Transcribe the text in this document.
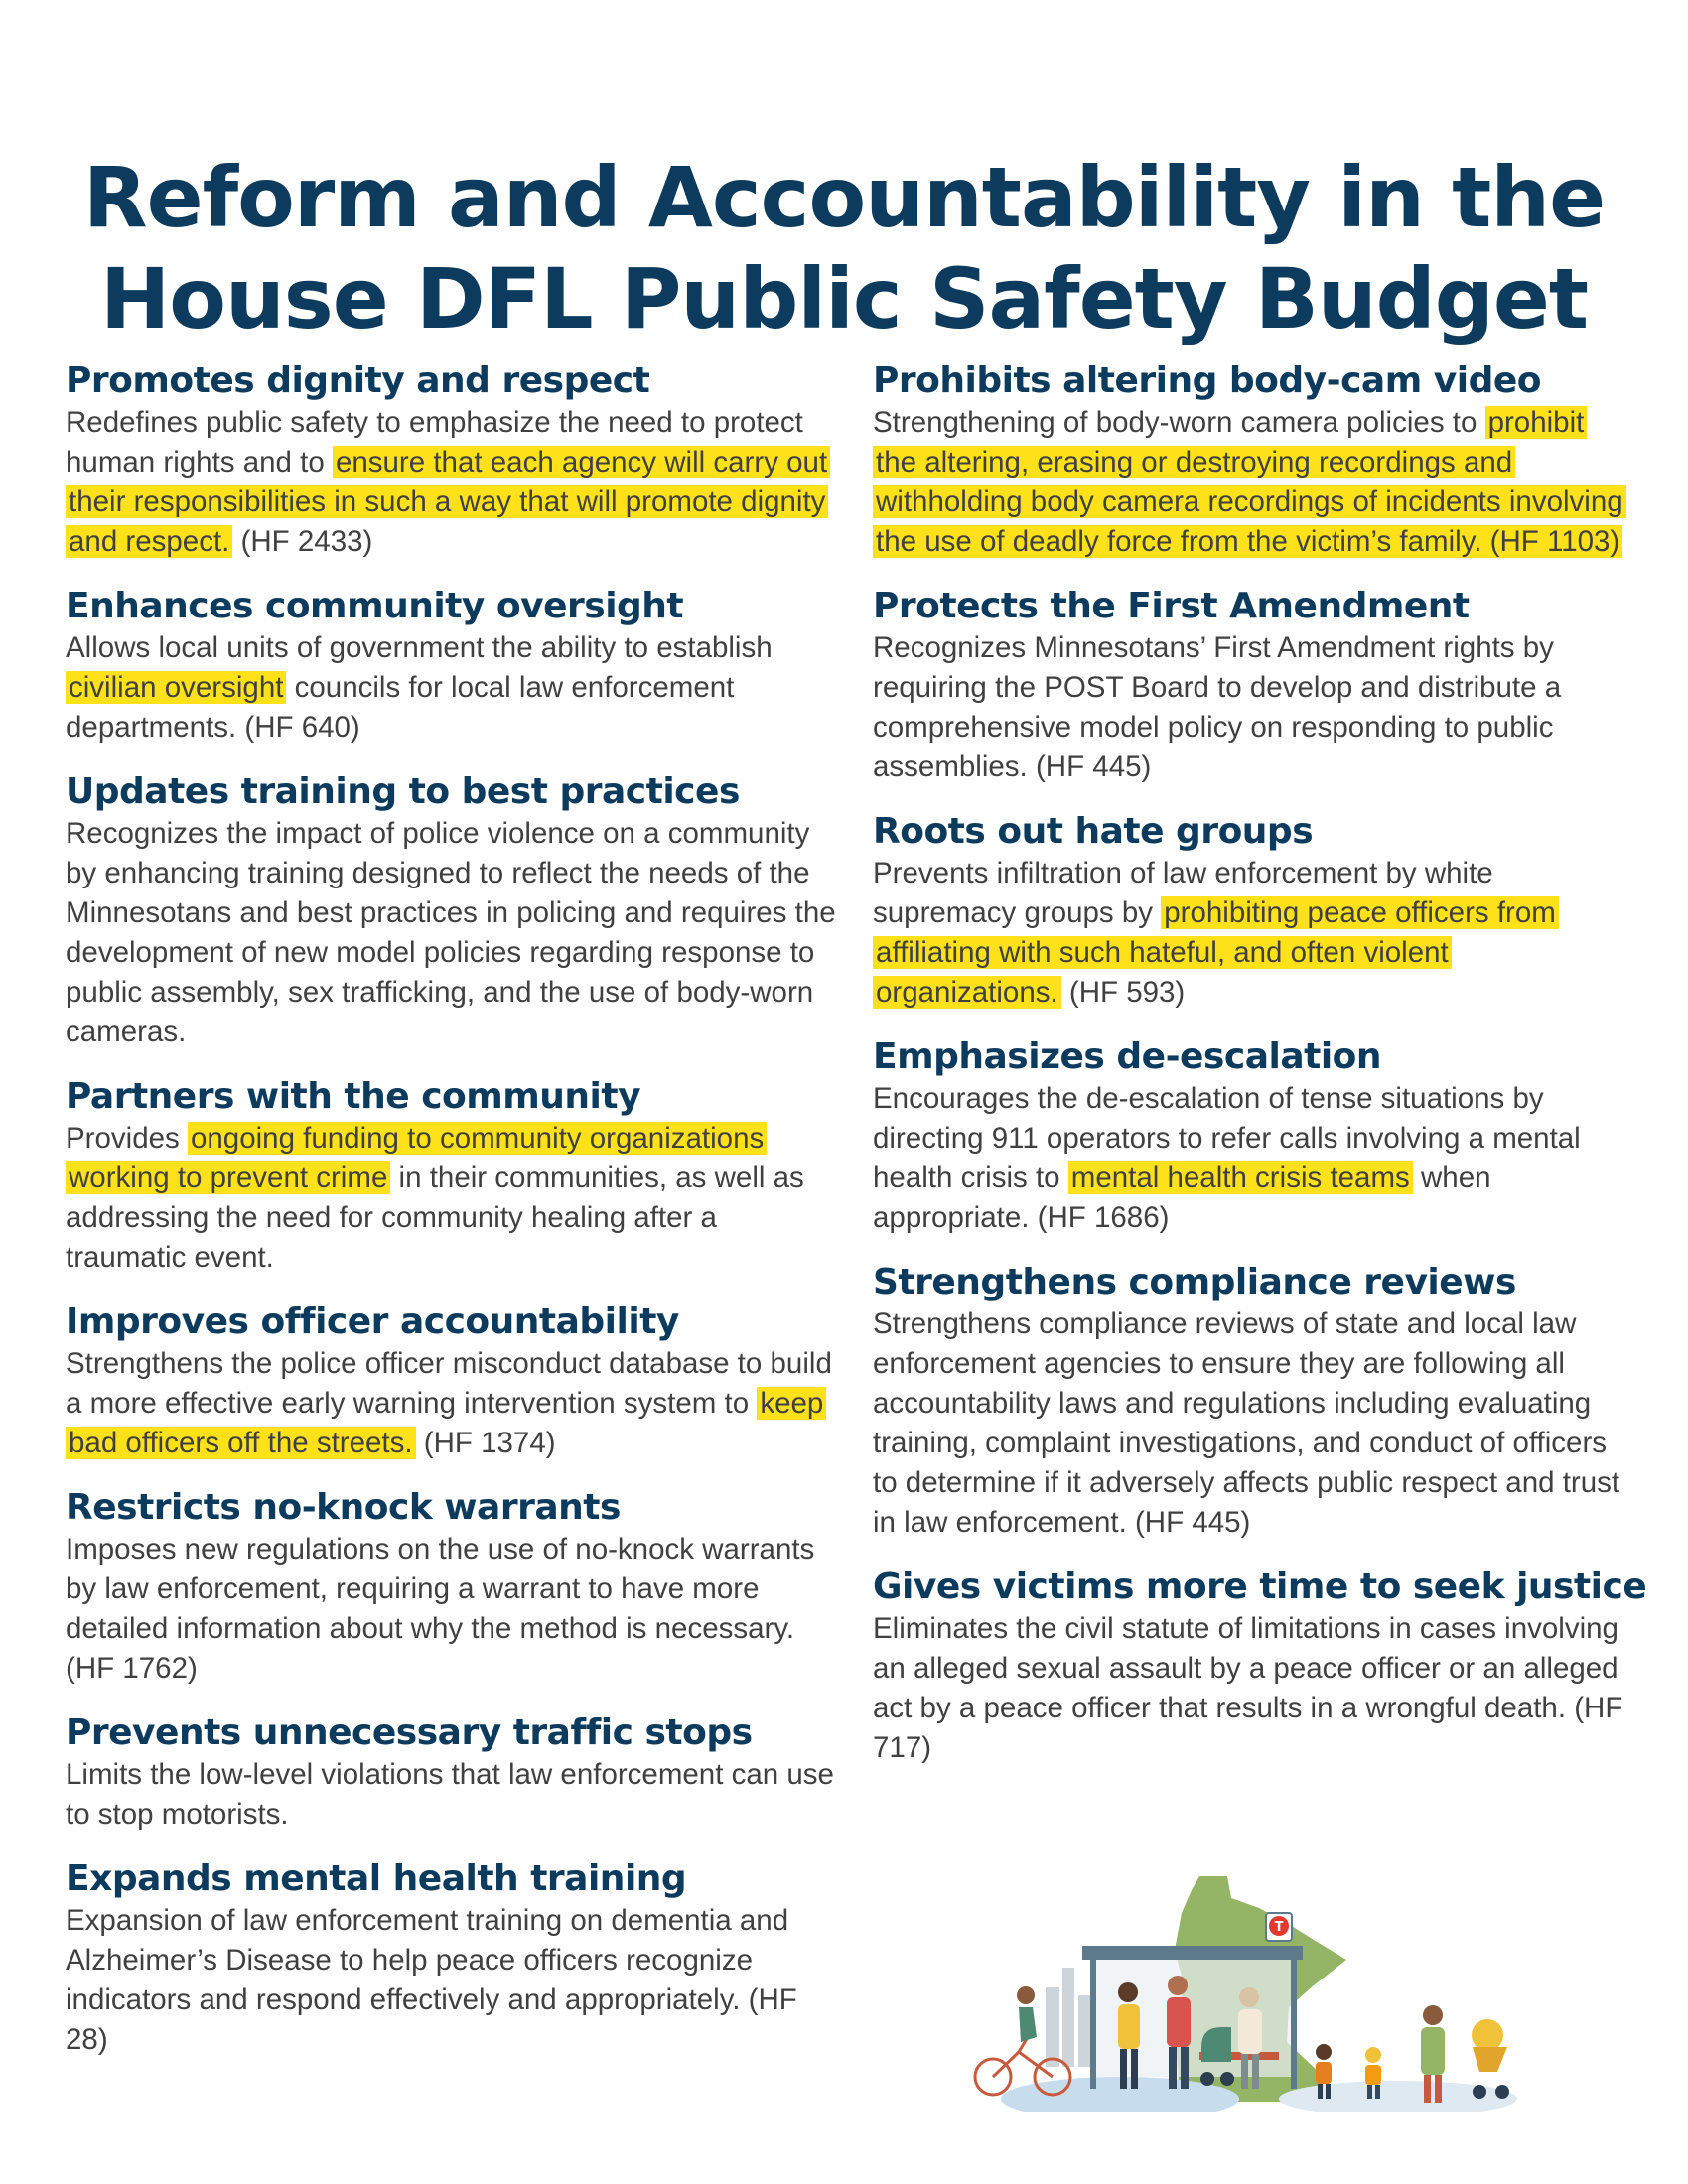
Reform and Accountability in the
House DFL Public Safety Budget
Promotes dignity and respect

Redefines public safety to emphasize the need to protect human rights and to ensure that each agency will carry out their responsibilities in such a way that will promote dignity and respect. (HF 2433)

Enhances community oversight

Allows local units of government the ability to establish civilian oversight councils for local law enforcement departments. (HF 640)

Updates training to best practices

Recognizes the impact of police violence on a community by enhancing training designed to reflect the needs of the Minnesotans and best practices in policing and requires the development of new model policies regarding response to public assembly, sex trafficking, and the use of body-worn cameras.

Partners with the community

Provides ongoing funding to community organizations working to prevent crime in their communities, as well as addressing the need for community healing after a traumatic event.

Improves officer accountability

Strengthens the police officer misconduct database to build a more effective early warning intervention system to keep bad officers off the streets. (HF 1374)

Restricts no-knock warrants

Imposes new regulations on the use of no-knock warrants by law enforcement, requiring a warrant to have more detailed information about why the method is necessary. (HF 1762)

Prevents unnecessary traffic stops

Limits the low-level violations that law enforcement can use to stop motorists.

Expands mental health training

Expansion of law enforcement training on dementia and Alzheimer’s Disease to help peace officers recognize indicators and respond effectively and appropriately. (HF 28)

Prohibits altering body-cam video

Strengthening of body-worn camera policies to prohibit the altering, erasing or destroying recordings and withholding body camera recordings of incidents involving the use of deadly force from the victim’s family. (HF 1103)

Protects the First Amendment

Recognizes Minnesotans’ First Amendment rights by requiring the POST Board to develop and distribute a comprehensive model policy on responding to public assemblies. (HF 445)

Roots out hate groups

Prevents infiltration of law enforcement by white supremacy groups by prohibiting peace officers from affiliating with such hateful, and often violent organizations. (HF 593)

Emphasizes de-escalation

Encourages the de-escalation of tense situations by directing 911 operators to refer calls involving a mental health crisis to mental health crisis teams when appropriate. (HF 1686)

Strengthens compliance reviews

Strengthens compliance reviews of state and local law enforcement agencies to ensure they are following all accountability laws and regulations including evaluating training, complaint investigations, and conduct of officers to determine if it adversely affects public respect and trust in law enforcement. (HF 445)

Gives victims more time to seek justice

Eliminates the civil statute of limitations in cases involving an alleged sexual assault by a peace officer or an alleged act by a peace officer that results in a wrongful death. (HF 717)

T
